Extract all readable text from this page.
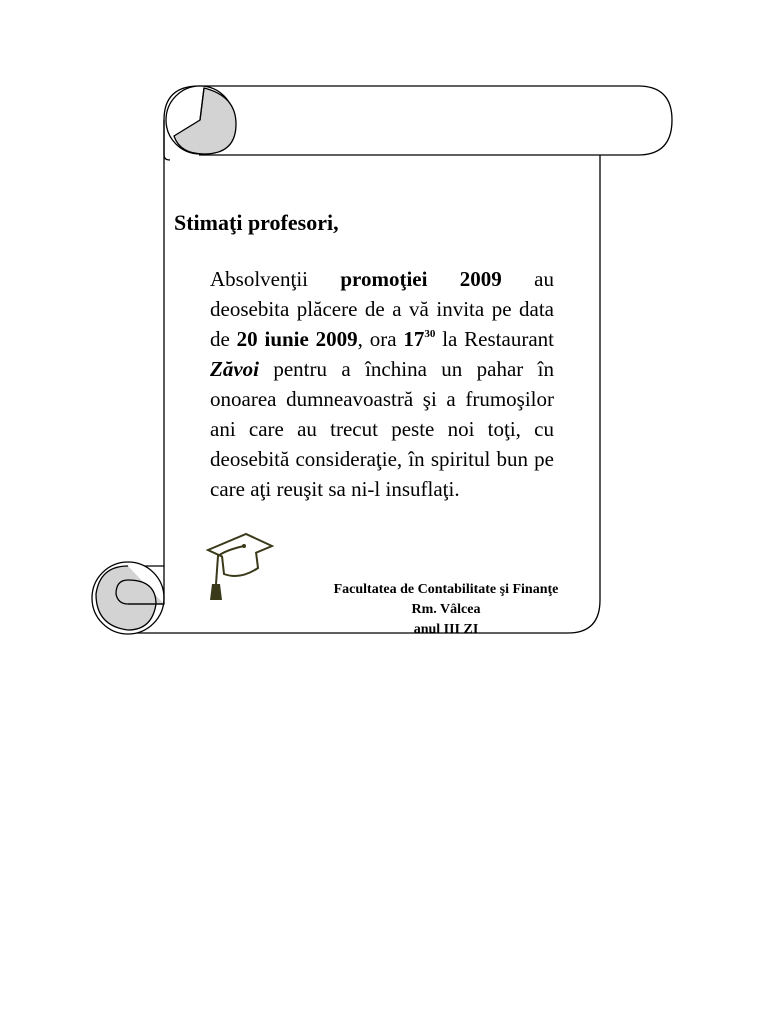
Stimaţi profesori,

Absolvenţii promoţiei 2009 au deosebita plăcere de a vă invita pe data de 20 iunie 2009, ora $17^{30}$ la Restaurant Zăvoi pentru a închina un pahar în onoarea dumneavoastră şi a frumoşilor ani care au trecut peste noi toţi, cu deosebită consideraţie, în spiritul bun pe care aţi reuşit sa ni-l insuflaţi.

Facultatea de Contabilitate şi Finanţe
Rm. Vâlcea
anul III ZI
